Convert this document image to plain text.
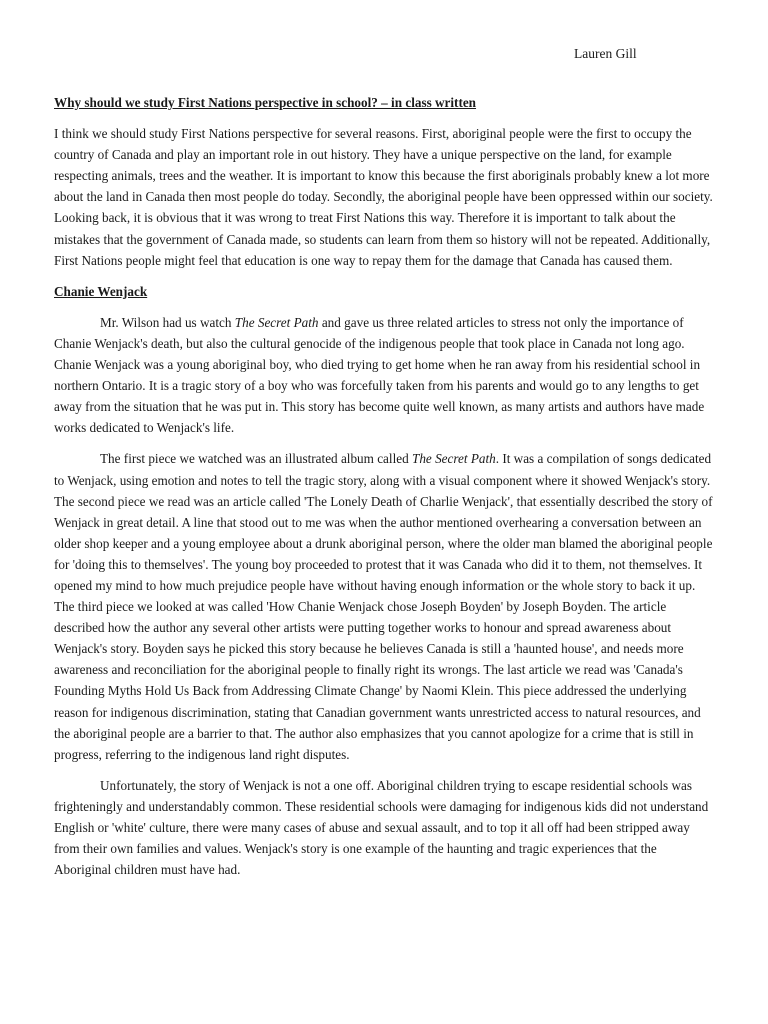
Lauren Gill

Why should we study First Nations perspective in school? – in class written

I think we should study First Nations perspective for several reasons. First, aboriginal people were the first to occupy the country of Canada and play an important role in out history. They have a unique perspective on the land, for example respecting animals, trees and the weather. It is important to know this because the first aboriginals probably knew a lot more about the land in Canada then most people do today. Secondly, the aboriginal people have been oppressed within our society. Looking back, it is obvious that it was wrong to treat First Nations this way. Therefore it is important to talk about the mistakes that the government of Canada made, so students can learn from them so history will not be repeated. Additionally, First Nations people might feel that education is one way to repay them for the damage that Canada has caused them.

Chanie Wenjack

Mr. Wilson had us watch The Secret Path and gave us three related articles to stress not only the importance of Chanie Wenjack's death, but also the cultural genocide of the indigenous people that took place in Canada not long ago. Chanie Wenjack was a young aboriginal boy, who died trying to get home when he ran away from his residential school in northern Ontario. It is a tragic story of a boy who was forcefully taken from his parents and would go to any lengths to get away from the situation that he was put in. This story has become quite well known, as many artists and authors have made works dedicated to Wenjack's life.

The first piece we watched was an illustrated album called The Secret Path. It was a compilation of songs dedicated to Wenjack, using emotion and notes to tell the tragic story, along with a visual component where it showed Wenjack's story. The second piece we read was an article called 'The Lonely Death of Charlie Wenjack', that essentially described the story of Wenjack in great detail. A line that stood out to me was when the author mentioned overhearing a conversation between an older shop keeper and a young employee about a drunk aboriginal person, where the older man blamed the aboriginal people for 'doing this to themselves'. The young boy proceeded to protest that it was Canada who did it to them, not themselves. It opened my mind to how much prejudice people have without having enough information or the whole story to back it up. The third piece we looked at was called 'How Chanie Wenjack chose Joseph Boyden' by Joseph Boyden. The article described how the author any several other artists were putting together works to honour and spread awareness about Wenjack's story. Boyden says he picked this story because he believes Canada is still a 'haunted house', and needs more awareness and reconciliation for the aboriginal people to finally right its wrongs. The last article we read was 'Canada's Founding Myths Hold Us Back from Addressing Climate Change' by Naomi Klein. This piece addressed the underlying reason for indigenous discrimination, stating that Canadian government wants unrestricted access to natural resources, and the aboriginal people are a barrier to that. The author also emphasizes that you cannot apologize for a crime that is still in progress, referring to the indigenous land right disputes.

Unfortunately, the story of Wenjack is not a one off. Aboriginal children trying to escape residential schools was frighteningly and understandably common. These residential schools were damaging for indigenous kids did not understand English or 'white' culture, there were many cases of abuse and sexual assault, and to top it all off had been stripped away from their own families and values. Wenjack's story is one example of the haunting and tragic experiences that the Aboriginal children must have had.
